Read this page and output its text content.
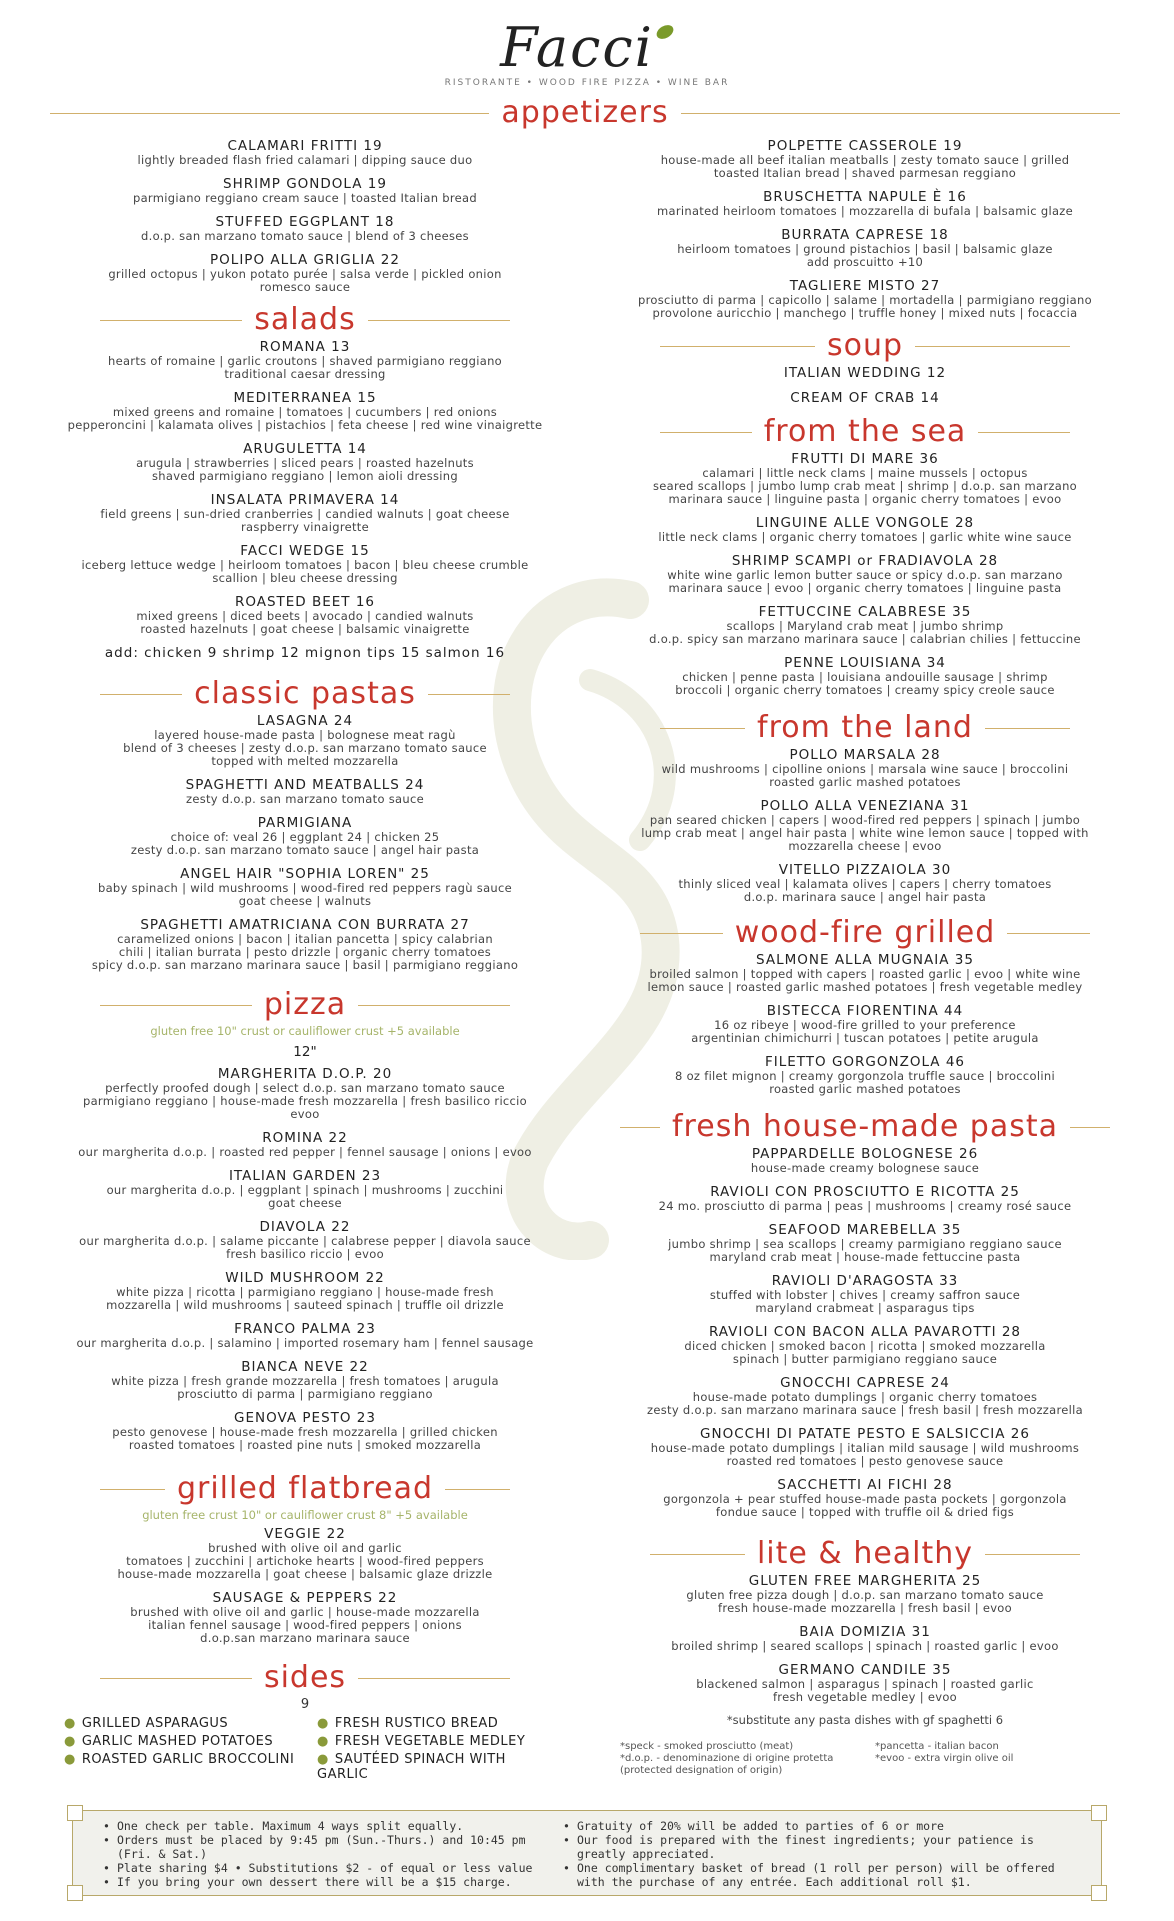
Facci
RISTORANTE • WOOD FIRE PIZZA • WINE BAR
appetizers
CALAMARI FRITTI 19
lightly breaded flash fried calamari | dipping sauce duo
SHRIMP GONDOLA 19
parmigiano reggiano cream sauce | toasted Italian bread
STUFFED EGGPLANT 18
d.o.p. san marzano tomato sauce | blend of 3 cheeses
POLIPO ALLA GRIGLIA 22
grilled octopus | yukon potato purée | salsa verde | pickled onion
romesco sauce
salads
ROMANA 13
hearts of romaine | garlic croutons | shaved parmigiano reggiano
traditional caesar dressing
MEDITERRANEA 15
mixed greens and romaine | tomatoes | cucumbers | red onions
pepperoncini | kalamata olives | pistachios | feta cheese | red wine vinaigrette
ARUGULETTA 14
arugula | strawberries | sliced pears | roasted hazelnuts
shaved parmigiano reggiano | lemon aioli dressing
INSALATA PRIMAVERA 14
field greens | sun-dried cranberries | candied walnuts | goat cheese
raspberry vinaigrette
FACCI WEDGE 15
iceberg lettuce wedge | heirloom tomatoes | bacon | bleu cheese crumble
scallion | bleu cheese dressing
ROASTED BEET 16
mixed greens | diced beets | avocado | candied walnuts
roasted hazelnuts | goat cheese | balsamic vinaigrette
add: chicken 9 shrimp 12 mignon tips 15 salmon 16
classic pastas
LASAGNA 24
layered house-made pasta | bolognese meat ragù
blend of 3 cheeses | zesty d.o.p. san marzano tomato sauce
topped with melted mozzarella
SPAGHETTI AND MEATBALLS 24
zesty d.o.p. san marzano tomato sauce
PARMIGIANA
choice of: veal 26 | eggplant 24 | chicken 25
zesty d.o.p. san marzano tomato sauce | angel hair pasta
ANGEL HAIR "SOPHIA LOREN" 25
baby spinach | wild mushrooms | wood-fired red peppers ragù sauce
goat cheese | walnuts
SPAGHETTI AMATRICIANA CON BURRATA 27
caramelized onions | bacon | italian pancetta | spicy calabrian
chili | italian burrata | pesto drizzle | organic cherry tomatoes
spicy d.o.p. san marzano marinara sauce | basil | parmigiano reggiano
pizza
gluten free 10" crust or cauliflower crust +5 available
12"
MARGHERITA D.O.P. 20
perfectly proofed dough | select d.o.p. san marzano tomato sauce
parmigiano reggiano | house-made fresh mozzarella | fresh basilico riccio
evoo
ROMINA 22
our margherita d.o.p. | roasted red pepper | fennel sausage | onions | evoo
ITALIAN GARDEN 23
our margherita d.o.p. | eggplant | spinach | mushrooms | zucchini
goat cheese
DIAVOLA 22
our margherita d.o.p. | salame piccante | calabrese pepper | diavola sauce
fresh basilico riccio | evoo
WILD MUSHROOM 22
white pizza | ricotta | parmigiano reggiano | house-made fresh
mozzarella | wild mushrooms | sauteed spinach | truffle oil drizzle
FRANCO PALMA 23
our margherita d.o.p. | salamino | imported rosemary ham | fennel sausage
BIANCA NEVE 22
white pizza | fresh grande mozzarella | fresh tomatoes | arugula
prosciutto di parma | parmigiano reggiano
GENOVA PESTO 23
pesto genovese | house-made fresh mozzarella | grilled chicken
roasted tomatoes | roasted pine nuts | smoked mozzarella
grilled flatbread
gluten free crust 10" or cauliflower crust 8" +5 available
VEGGIE 22
brushed with olive oil and garlic
tomatoes | zucchini | artichoke hearts | wood-fired peppers
house-made mozzarella | goat cheese | balsamic glaze drizzle
SAUSAGE & PEPPERS 22
brushed with olive oil and garlic | house-made mozzarella
italian fennel sausage | wood-fired peppers | onions
d.o.p.san marzano marinara sauce
sides
9
● GRILLED ASPARAGUS	● FRESH RUSTICO BREAD
● GARLIC MASHED POTATOES	● FRESH VEGETABLE MEDLEY
● ROASTED GARLIC BROCCOLINI	● SAUTÉED SPINACH WITH GARLIC
POLPETTE CASSEROLE 19
house-made all beef italian meatballs | zesty tomato sauce | grilled
toasted Italian bread | shaved parmesan reggiano
BRUSCHETTA NAPULE È 16
marinated heirloom tomatoes | mozzarella di bufala | balsamic glaze
BURRATA CAPRESE 18
heirloom tomatoes | ground pistachios | basil | balsamic glaze
add proscuitto +10
TAGLIERE MISTO 27
prosciutto di parma | capicollo | salame | mortadella | parmigiano reggiano
provolone auricchio | manchego | truffle honey | mixed nuts | focaccia
soup
ITALIAN WEDDING 12
CREAM OF CRAB 14
from the sea
FRUTTI DI MARE 36
calamari | little neck clams | maine mussels | octopus
seared scallops | jumbo lump crab meat | shrimp | d.o.p. san marzano
marinara sauce | linguine pasta | organic cherry tomatoes | evoo
LINGUINE ALLE VONGOLE 28
little neck clams | organic cherry tomatoes | garlic white wine sauce
SHRIMP SCAMPI or FRADIAVOLA 28
white wine garlic lemon butter sauce or spicy d.o.p. san marzano
marinara sauce | evoo | organic cherry tomatoes | linguine pasta
FETTUCCINE CALABRESE 35
scallops | Maryland crab meat | jumbo shrimp
d.o.p. spicy san marzano marinara sauce | calabrian chilies | fettuccine
PENNE LOUISIANA 34
chicken | penne pasta | louisiana andouille sausage | shrimp
broccoli | organic cherry tomatoes | creamy spicy creole sauce
from the land
POLLO MARSALA 28
wild mushrooms | cipolline onions | marsala wine sauce | broccolini
roasted garlic mashed potatoes
POLLO ALLA VENEZIANA 31
pan seared chicken | capers | wood-fired red peppers | spinach | jumbo
lump crab meat | angel hair pasta | white wine lemon sauce | topped with
mozzarella cheese | evoo
VITELLO PIZZAIOLA 30
thinly sliced veal | kalamata olives | capers | cherry tomatoes
d.o.p. marinara sauce | angel hair pasta
wood-fire grilled
SALMONE ALLA MUGNAIA 35
broiled salmon | topped with capers | roasted garlic | evoo | white wine
lemon sauce | roasted garlic mashed potatoes | fresh vegetable medley
BISTECCA FIORENTINA 44
16 oz ribeye | wood-fire grilled to your preference
argentinian chimichurri | tuscan potatoes | petite arugula
FILETTO GORGONZOLA 46
8 oz filet mignon | creamy gorgonzola truffle sauce | broccolini
roasted garlic mashed potatoes
fresh house-made pasta
PAPPARDELLE BOLOGNESE 26
house-made creamy bolognese sauce
RAVIOLI CON PROSCIUTTO E RICOTTA 25
24 mo. prosciutto di parma | peas | mushrooms | creamy rosé sauce
SEAFOOD MAREBELLA 35
jumbo shrimp | sea scallops | creamy parmigiano reggiano sauce
maryland crab meat | house-made fettuccine pasta
RAVIOLI D'ARAGOSTA 33
stuffed with lobster | chives | creamy saffron sauce
maryland crabmeat | asparagus tips
RAVIOLI CON BACON ALLA PAVAROTTI 28
diced chicken | smoked bacon | ricotta | smoked mozzarella
spinach | butter parmigiano reggiano sauce
GNOCCHI CAPRESE 24
house-made potato dumplings | organic cherry tomatoes
zesty d.o.p. san marzano marinara sauce | fresh basil | fresh mozzarella
GNOCCHI DI PATATE PESTO E SALSICCIA 26
house-made potato dumplings | italian mild sausage | wild mushrooms
roasted red tomatoes | pesto genovese sauce
SACCHETTI AI FICHI 28
gorgonzola + pear stuffed house-made pasta pockets | gorgonzola
fondue sauce | topped with truffle oil & dried figs
lite & healthy
GLUTEN FREE MARGHERITA 25
gluten free pizza dough | d.o.p. san marzano tomato sauce
fresh house-made mozzarella | fresh basil | evoo
BAIA DOMIZIA 31
broiled shrimp | seared scallops | spinach | roasted garlic | evoo
GERMANO CANDILE 35
blackened salmon | asparagus | spinach | roasted garlic
fresh vegetable medley | evoo
*substitute any pasta dishes with gf spaghetti 6
*speck - smoked prosciutto (meat)
*d.o.p. - denominazione di origine protetta
(protected designation of origin)
*pancetta - italian bacon
*evoo - extra virgin olive oil
• One check per table. Maximum 4 ways split equally.
• Orders must be placed by 9:45 pm (Sun.-Thurs.) and 10:45 pm (Fri. & Sat.)
• Plate sharing $4 • Substitutions $2 - of equal or less value
• If you bring your own dessert there will be a $15 charge.
• Gratuity of 20% will be added to parties of 6 or more
• Our food is prepared with the finest ingredients; your patience is greatly appreciated.
• One complimentary basket of bread (1 roll per person) will be offered with the purchase of any entrée. Each additional roll $1.
